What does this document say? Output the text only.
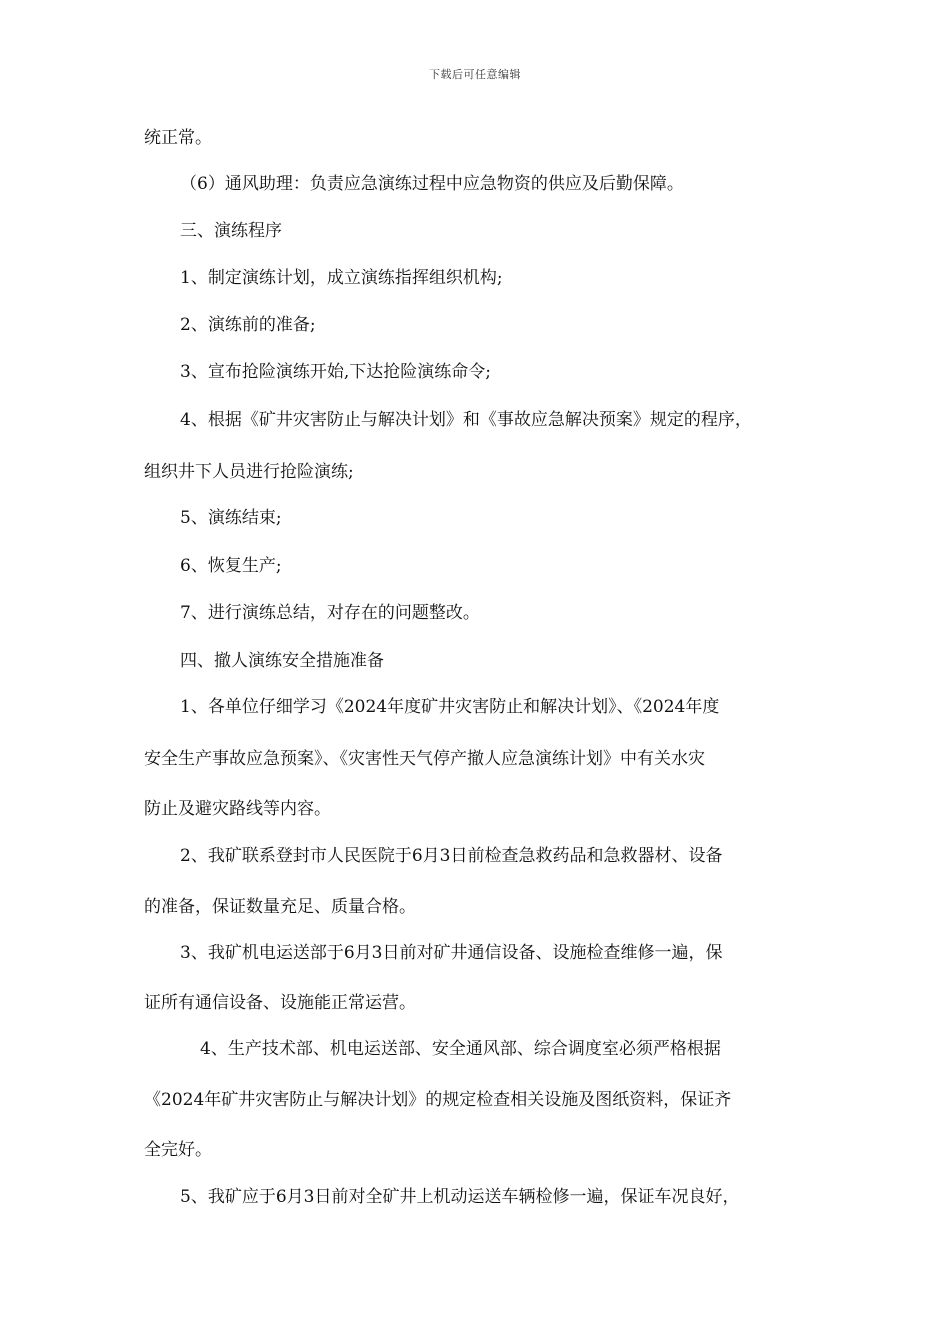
下载后可任意编辑
统正常。
（6）通风助理：负责应急演练过程中应急物资的供应及后勤保障。
三、演练程序
1、制定演练计划，成立演练指挥组织机构;
2、演练前的准备;
3、宣布抢险演练开始,下达抢险演练命令;
4、根据《矿井灾害防止与解决计划》和《事故应急解决预案》规定的程序，
组织井下人员进行抢险演练;
5、演练结束;
6、恢复生产;
7、进行演练总结，对存在的问题整改。
四、撤人演练安全措施准备
1、各单位仔细学习《2024年度矿井灾害防止和解决计划》、《2024年度
安全生产事故应急预案》、《灾害性天气停产撤人应急演练计划》中有关水灾
防止及避灾路线等内容。
2、我矿联系登封市人民医院于6月3日前检查急救药品和急救器材、设备
的准备，保证数量充足、质量合格。
3、我矿机电运送部于6月3日前对矿井通信设备、设施检查维修一遍，保
证所有通信设备、设施能正常运营。
4、生产技术部、机电运送部、安全通风部、综合调度室必须严格根据
《2024年矿井灾害防止与解决计划》的规定检查相关设施及图纸资料，保证齐
全完好。
5、我矿应于6月3日前对全矿井上机动运送车辆检修一遍，保证车况良好，
